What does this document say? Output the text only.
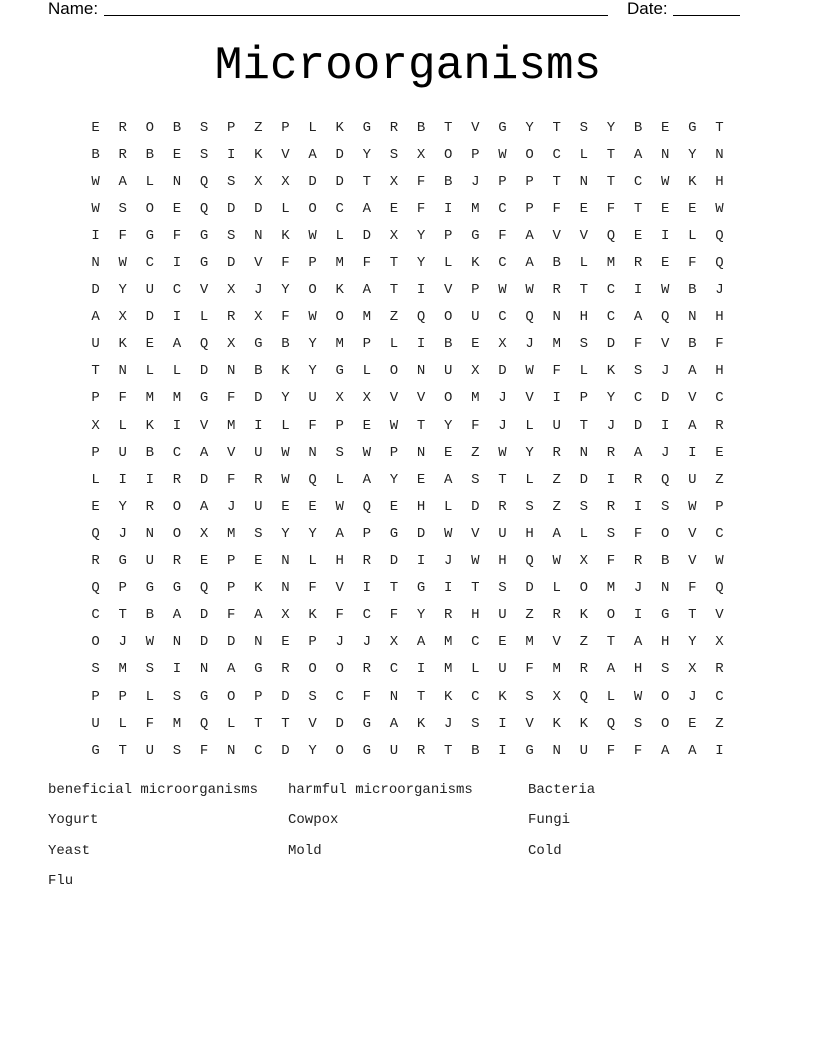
Name:	Date:
Microorganisms
E	R	O	B	S	P	Z	P	L	K	G	R	B	T	V	G	Y	T	S	Y	B	E	G	T
B	R	B	E	S	I	K	V	A	D	Y	S	X	O	P	W	O	C	L	T	A	N	Y	N
W	A	L	N	Q	S	X	X	D	D	T	X	F	B	J	P	P	T	N	T	C	W	K	H
W	S	O	E	Q	D	D	L	O	C	A	E	F	I	M	C	P	F	E	F	T	E	E	W
I	F	G	F	G	S	N	K	W	L	D	X	Y	P	G	F	A	V	V	Q	E	I	L	Q
N	W	C	I	G	D	V	F	P	M	F	T	Y	L	K	C	A	B	L	M	R	E	F	Q
D	Y	U	C	V	X	J	Y	O	K	A	T	I	V	P	W	W	R	T	C	I	W	B	J
A	X	D	I	L	R	X	F	W	O	M	Z	Q	O	U	C	Q	N	H	C	A	Q	N	H
U	K	E	A	Q	X	G	B	Y	M	P	L	I	B	E	X	J	M	S	D	F	V	B	F
T	N	L	L	D	N	B	K	Y	G	L	O	N	U	X	D	W	F	L	K	S	J	A	H
P	F	M	M	G	F	D	Y	U	X	X	V	V	O	M	J	V	I	P	Y	C	D	V	C
X	L	K	I	V	M	I	L	F	P	E	W	T	Y	F	J	L	U	T	J	D	I	A	R
P	U	B	C	A	V	U	W	N	S	W	P	N	E	Z	W	Y	R	N	R	A	J	I	E
L	I	I	R	D	F	R	W	Q	L	A	Y	E	A	S	T	L	Z	D	I	R	Q	U	Z
E	Y	R	O	A	J	U	E	E	W	Q	E	H	L	D	R	S	Z	S	R	I	S	W	P
Q	J	N	O	X	M	S	Y	Y	A	P	G	D	W	V	U	H	A	L	S	F	O	V	C
R	G	U	R	E	P	E	N	L	H	R	D	I	J	W	H	Q	W	X	F	R	B	V	W
Q	P	G	G	Q	P	K	N	F	V	I	T	G	I	T	S	D	L	O	M	J	N	F	Q
C	T	B	A	D	F	A	X	K	F	C	F	Y	R	H	U	Z	R	K	O	I	G	T	V
O	J	W	N	D	D	N	E	P	J	J	X	A	M	C	E	M	V	Z	T	A	H	Y	X
S	M	S	I	N	A	G	R	O	O	R	C	I	M	L	U	F	M	R	A	H	S	X	R
P	P	L	S	G	O	P	D	S	C	F	N	T	K	C	K	S	X	Q	L	W	O	J	C
U	L	F	M	Q	L	T	T	V	D	G	A	K	J	S	I	V	K	K	Q	S	O	E	Z
G	T	U	S	F	N	C	D	Y	O	G	U	R	T	B	I	G	N	U	F	F	A	A	I
beneficial microorganisms	harmful microorganisms	Bacteria
Yogurt	Cowpox	Fungi
Yeast	Mold	Cold
Flu
